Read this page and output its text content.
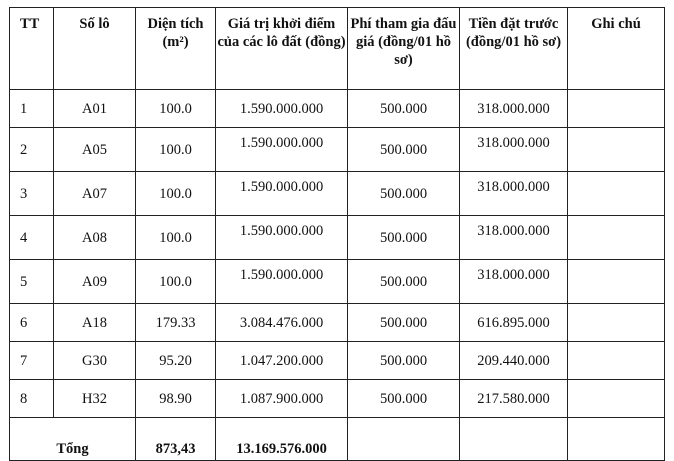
TT	Số lô	Diện tích (m²)	Giá trị khởi điểm của các lô đất (đồng)	Phí tham gia đấu giá (đồng/01 hồ sơ)	Tiền đặt trước (đồng/01 hồ sơ)	Ghi chú
1	A01	100.0	1.590.000.000	500.000	318.000.000	
2	A05	100.0	1.590.000.000	500.000	318.000.000	
3	A07	100.0	1.590.000.000	500.000	318.000.000	
4	A08	100.0	1.590.000.000	500.000	318.000.000	
5	A09	100.0	1.590.000.000	500.000	318.000.000	
6	A18	179.33	3.084.476.000	500.000	616.895.000	
7	G30	95.20	1.047.200.000	500.000	209.440.000	
8	H32	98.90	1.087.900.000	500.000	217.580.000	
Tổng		873,43	13.169.576.000			
